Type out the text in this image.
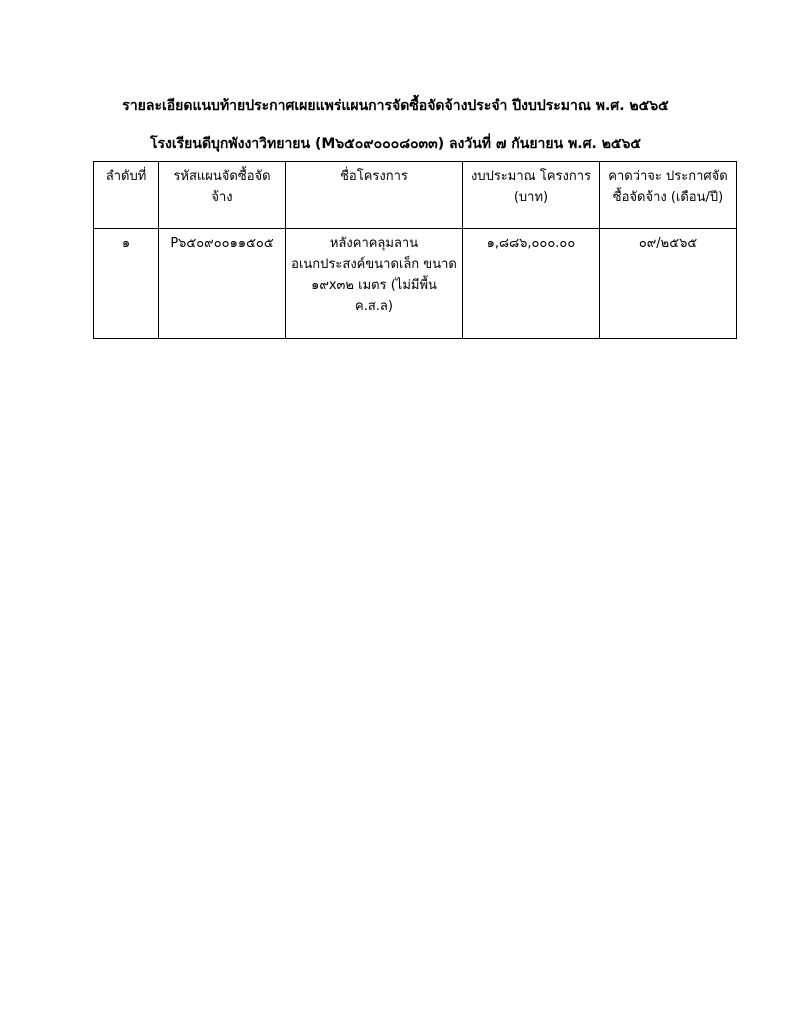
รายละเอียดแนบท้ายประกาศเผยแพร่แผนการจัดซื้อจัดจ้างประจำ ปีงบประมาณ พ.ศ. ๒๕๖๕
โรงเรียนดีบุกพังงาวิทยายน (M๖๕๐๙๐๐๐๘๐๓๓) ลงวันที่ ๗ กันยายน พ.ศ. ๒๕๖๕
ลำดับที่	รหัสแผนจัดซื้อจัดจ้าง	ชื่อโครงการ	งบประมาณ โครงการ (บาท)	คาดว่าจะ ประกาศจัดซื้อจัดจ้าง (เดือน/ปี)
๑	P๖๕๐๙๐๐๑๑๕๐๕	หลังคาคลุมลาน อเนกประสงค์ขนาดเล็ก ขนาด ๑๙x๓๒ เมตร (ไม่มีพื้น ค.ส.ล)	๑,๘๘๖,๐๐๐.๐๐	๐๙/๒๕๖๕
